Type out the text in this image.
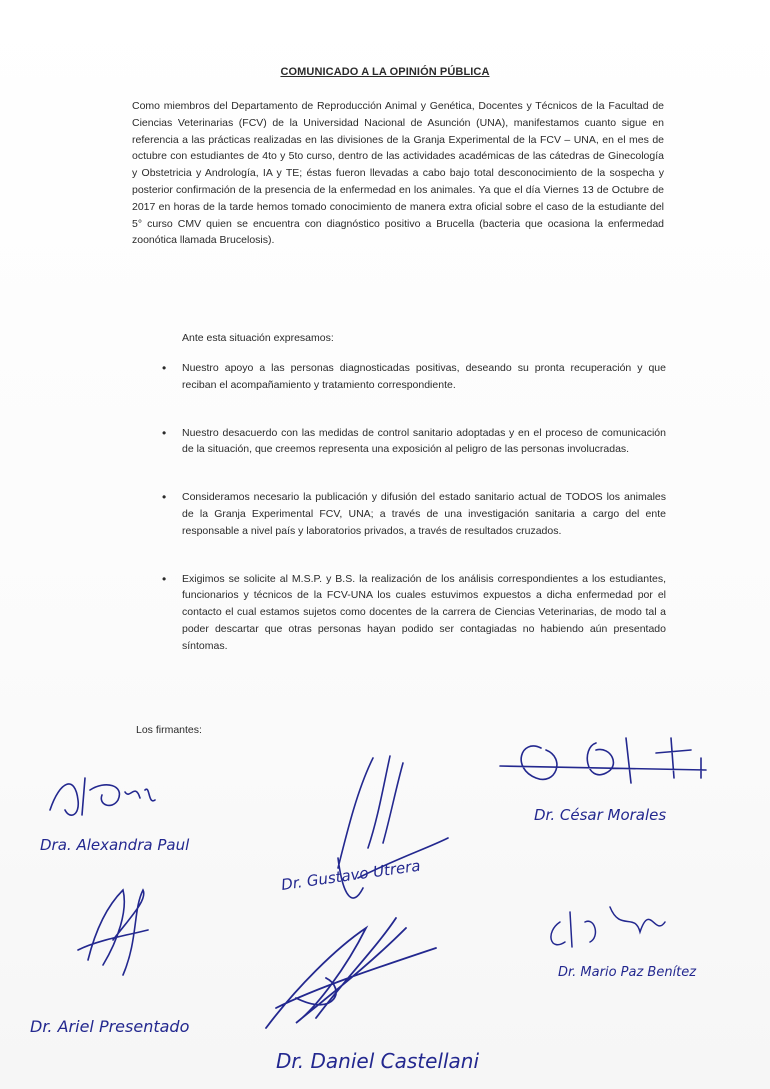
COMUNICADO A LA OPINIÓN PÚBLICA

Como miembros del Departamento de Reproducción Animal y Genética, Docentes y Técnicos de la Facultad de Ciencias Veterinarias (FCV) de la Universidad Nacional de Asunción (UNA), manifestamos cuanto sigue en referencia a las prácticas realizadas en las divisiones de la Granja Experimental de la FCV – UNA, en el mes de octubre con estudiantes de 4to y 5to curso, dentro de las actividades académicas de las cátedras de Ginecología y Obstetricia y Andrología, IA y TE; éstas fueron llevadas a cabo bajo total desconocimiento de la sospecha y posterior confirmación de la presencia de la enfermedad en los animales. Ya que el día Viernes 13 de Octubre de 2017 en horas de la tarde hemos tomado conocimiento de manera extra oficial sobre el caso de la estudiante del 5° curso CMV quien se encuentra con diagnóstico positivo a Brucella (bacteria que ocasiona la enfermedad zoonótica llamada Brucelosis).

Ante esta situación expresamos:
• Nuestro apoyo a las personas diagnosticadas positivas, deseando su pronta recuperación y que reciban el acompañamiento y tratamiento correspondiente.
• Nuestro desacuerdo con las medidas de control sanitario adoptadas y en el proceso de comunicación de la situación, que creemos representa una exposición al peligro de las personas involucradas.
• Consideramos necesario la publicación y difusión del estado sanitario actual de TODOS los animales de la Granja Experimental FCV, UNA; a través de una investigación sanitaria a cargo del ente responsable a nivel país y laboratorios privados, a través de resultados cruzados.
• Exigimos se solicite al M.S.P. y B.S. la realización de los análisis correspondientes a los estudiantes, funcionarios y técnicos de la FCV-UNA los cuales estuvimos expuestos a dicha enfermedad por el contacto el cual estamos sujetos como docentes de la carrera de Ciencias Veterinarias, de modo tal a poder descartar que otras personas hayan podido ser contagiadas no habiendo aún presentado síntomas.
Los firmantes:
Dra. Alexandra Paul
Dr. Gustavo Utrera
Dr. César Morales
Dr. Ariel Presentado
Dr. Daniel Castellani
Dr. Mario Paz Benítez
